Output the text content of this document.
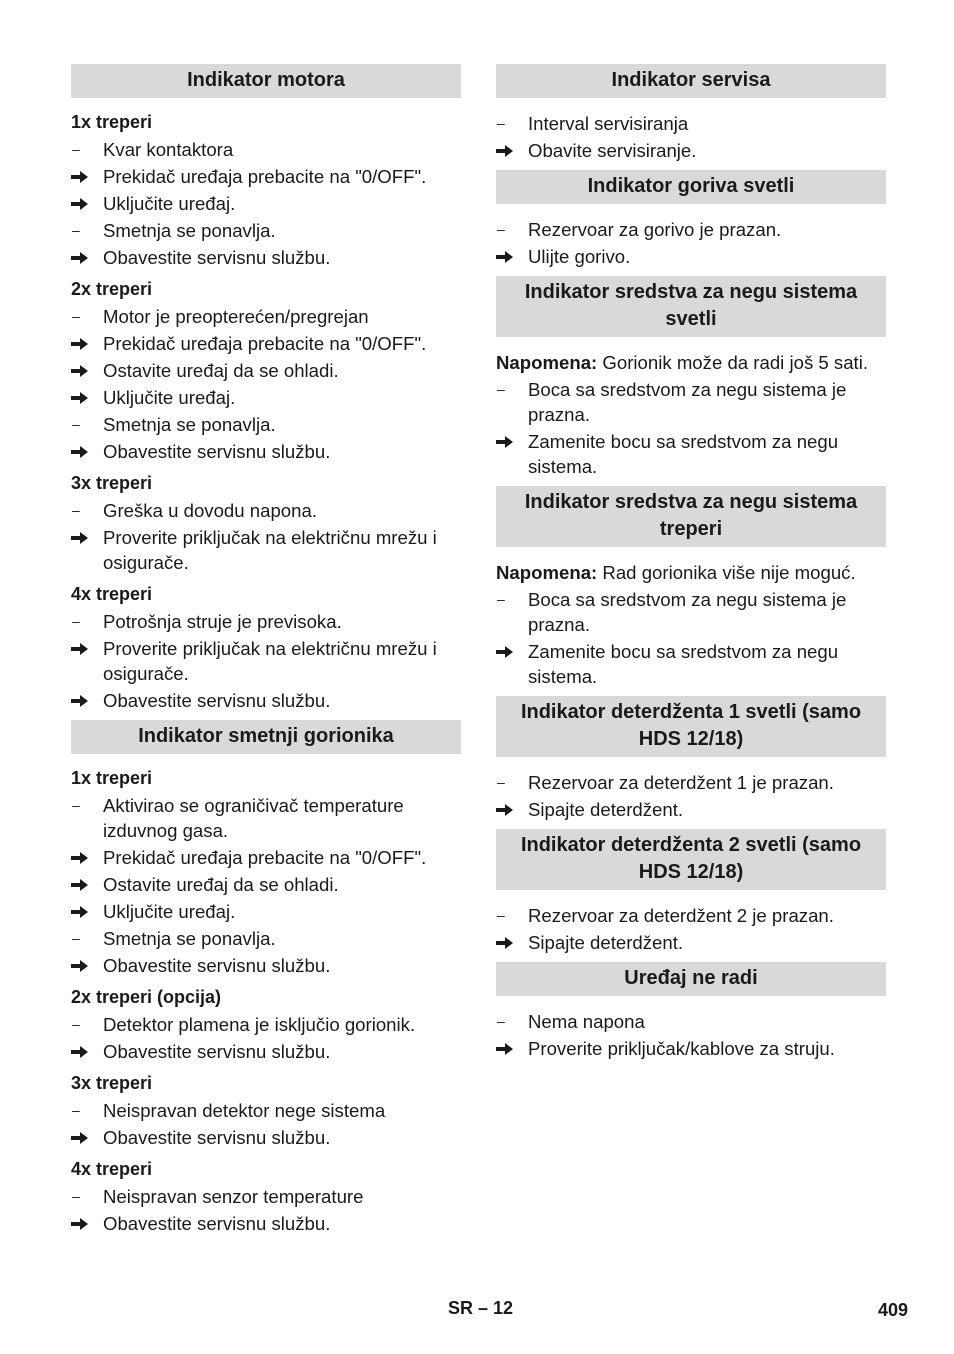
Indikator motora
1x treperi
–	Kvar kontaktora
Prekidač uređaja prebacite na "0/OFF".
Uključite uređaj.
–	Smetnja se ponavlja.
Obavestite servisnu službu.
2x treperi
–	Motor je preopterećen/pregrejan
Prekidač uređaja prebacite na "0/OFF".
Ostavite uređaj da se ohladi.
Uključite uređaj.
–	Smetnja se ponavlja.
Obavestite servisnu službu.
3x treperi
–	Greška u dovodu napona.
Proverite priključak na električnu mrežu i osigurače.
4x treperi
–	Potrošnja struje je previsoka.
Proverite priključak na električnu mrežu i osigurače.
Obavestite servisnu službu.
Indikator smetnji gorionika
1x treperi
–	Aktivirao se ograničivač temperature izduvnog gasa.
Prekidač uređaja prebacite na "0/OFF".
Ostavite uređaj da se ohladi.
Uključite uređaj.
–	Smetnja se ponavlja.
Obavestite servisnu službu.
2x treperi (opcija)
–	Detektor plamena je isključio gorionik.
Obavestite servisnu službu.
3x treperi
–	Neispravan detektor nege sistema
Obavestite servisnu službu.
4x treperi
–	Neispravan senzor temperature
Obavestite servisnu službu.
Indikator servisa
–	Interval servisiranja
Obavite servisiranje.
Indikator goriva svetli
–	Rezervoar za gorivo je prazan.
Ulijte gorivo.
Indikator sredstva za negu sistema svetli
Napomena: Gorionik može da radi još 5 sati.
–	Boca sa sredstvom za negu sistema je prazna.
Zamenite bocu sa sredstvom za negu sistema.
Indikator sredstva za negu sistema treperi
Napomena: Rad gorionika više nije moguć.
–	Boca sa sredstvom za negu sistema je prazna.
Zamenite bocu sa sredstvom za negu sistema.
Indikator deterdženta 1 svetli (samo HDS 12/18)
–	Rezervoar za deterdžent 1 je prazan.
Sipajte deterdžent.
Indikator deterdženta 2 svetli (samo HDS 12/18)
–	Rezervoar za deterdžent 2 je prazan.
Sipajte deterdžent.
Uređaj ne radi
–	Nema napona
Proverite priključak/kablove za struju.
SR – 12	409
